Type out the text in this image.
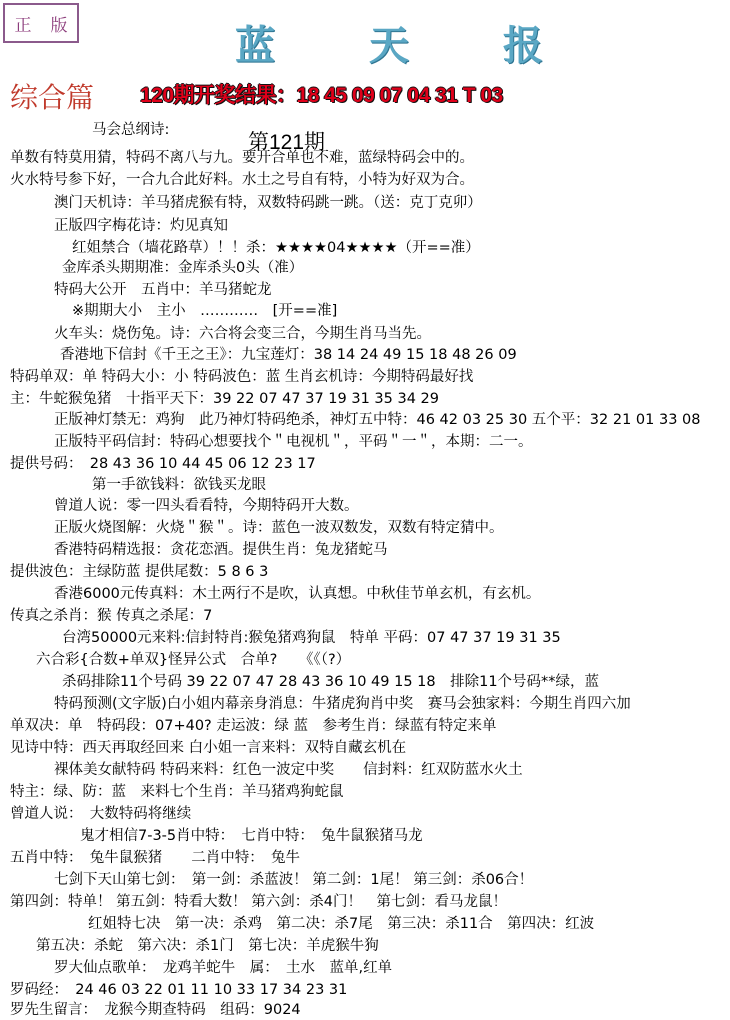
正 版	蓝 天 报
综合篇 120期开奖结果：18 45 09 07 04 31 T 03
第121期
马会总纲诗:
单数有特莫用猜，特码不离八与九。要开合单也不难，蓝绿特码会中的。
火水特号参下好，一合九合此好料。水土之号自有特，小特为好双为合。
澳门天机诗：羊马猪虎猴有特，双数特码跳一跳。（送：克丁克卯）
正版四字梅花诗：灼见真知
红姐禁合（墙花路草）！！杀：★★★★04★★★★（开==准）
金库杀头期期准：金库杀头0头（准）
特码大公开　五肖中：羊马猪蛇龙
※期期大小　主小　…………　[开==准]
火车头：烧伤兔。诗：六合将会变三合，今期生肖马当先。
香港地下信封《千王之王》：九宝莲灯：38 14 24 49 15 18 48 26 09
特码单双：单 特码大小：小 特码波色：蓝 生肖玄机诗：今期特码最好找
主：牛蛇猴兔猪　十指平天下：39 22 07 47 37 19 31 35 34 29
正版神灯禁无：鸡狗　此乃神灯特码绝杀，神灯五中特：46 42 03 25 30 五个平：32 21 01 33 08
正版特平码信封：特码心想要找个＂电视机＂，平码＂一＂，本期：二一。
提供号码：　28 43 36 10 44 45 06 12 23 17
第一手欲钱料：欲钱买龙眼
曾道人说：零一四头看看特，今期特码开大数。
正版火烧图解：火烧＂猴＂。诗：蓝色一波双数发，双数有特定猜中。
香港特码精选报：贪花恋酒。提供生肖：兔龙猪蛇马
提供波色：主绿防蓝 提供尾数：5 8 6 3
香港6000元传真料：木土两行不是吹，认真想。中秋佳节单玄机，有玄机。
传真之杀肖：猴 传真之杀尾：7
台湾50000元来料:信封特肖:猴兔猪鸡狗鼠　特单 平码：07 47 37 19 31 35
六合彩{合数+单双}怪异公式　合单?　　《《（?）
杀码排除11个号码 39 22 07 47 28 43 36 10 49 15 18　排除11个号码**绿，蓝
特码预测(文字版)白小姐内幕亲身消息：牛猪虎狗肖中奖　赛马会独家料：今期生肖四六加
单双决：单　特码段：07+40? 走运波：绿 蓝　参考生肖：绿蓝有特定来单
见诗中特：西天再取经回来 白小姐一言来料：双特自藏玄机在
裸体美女献特码 特码来料：红色一波定中奖　　信封料：红双防蓝水火土
特主：绿、防：蓝　来料七个生肖：羊马猪鸡狗蛇鼠
曾道人说：　大数特码将继续
鬼才相信7-3-5肖中特：　七肖中特：　兔牛鼠猴猪马龙
五肖中特：　兔牛鼠猴猪　　二肖中特：　兔牛
七剑下天山第七剑：　第一剑：杀蓝波！ 第二剑：1尾！ 第三剑：杀06合！
第四剑：特单！ 第五剑：特看大数！ 第六剑：杀4门！　第七剑：看马龙鼠！
红姐特七决　第一决：杀鸡　第二决：杀7尾　第三决：杀11合　第四决：红波
第五决：杀蛇　第六决：杀1门　第七决：羊虎猴牛狗
罗大仙点歌单：　龙鸡羊蛇牛　属：　土水　蓝单,红单
罗码经：　24 46 03 22 01 11 10 33 17 34 23 31
罗先生留言：　龙猴今期查特码　组码：9024
